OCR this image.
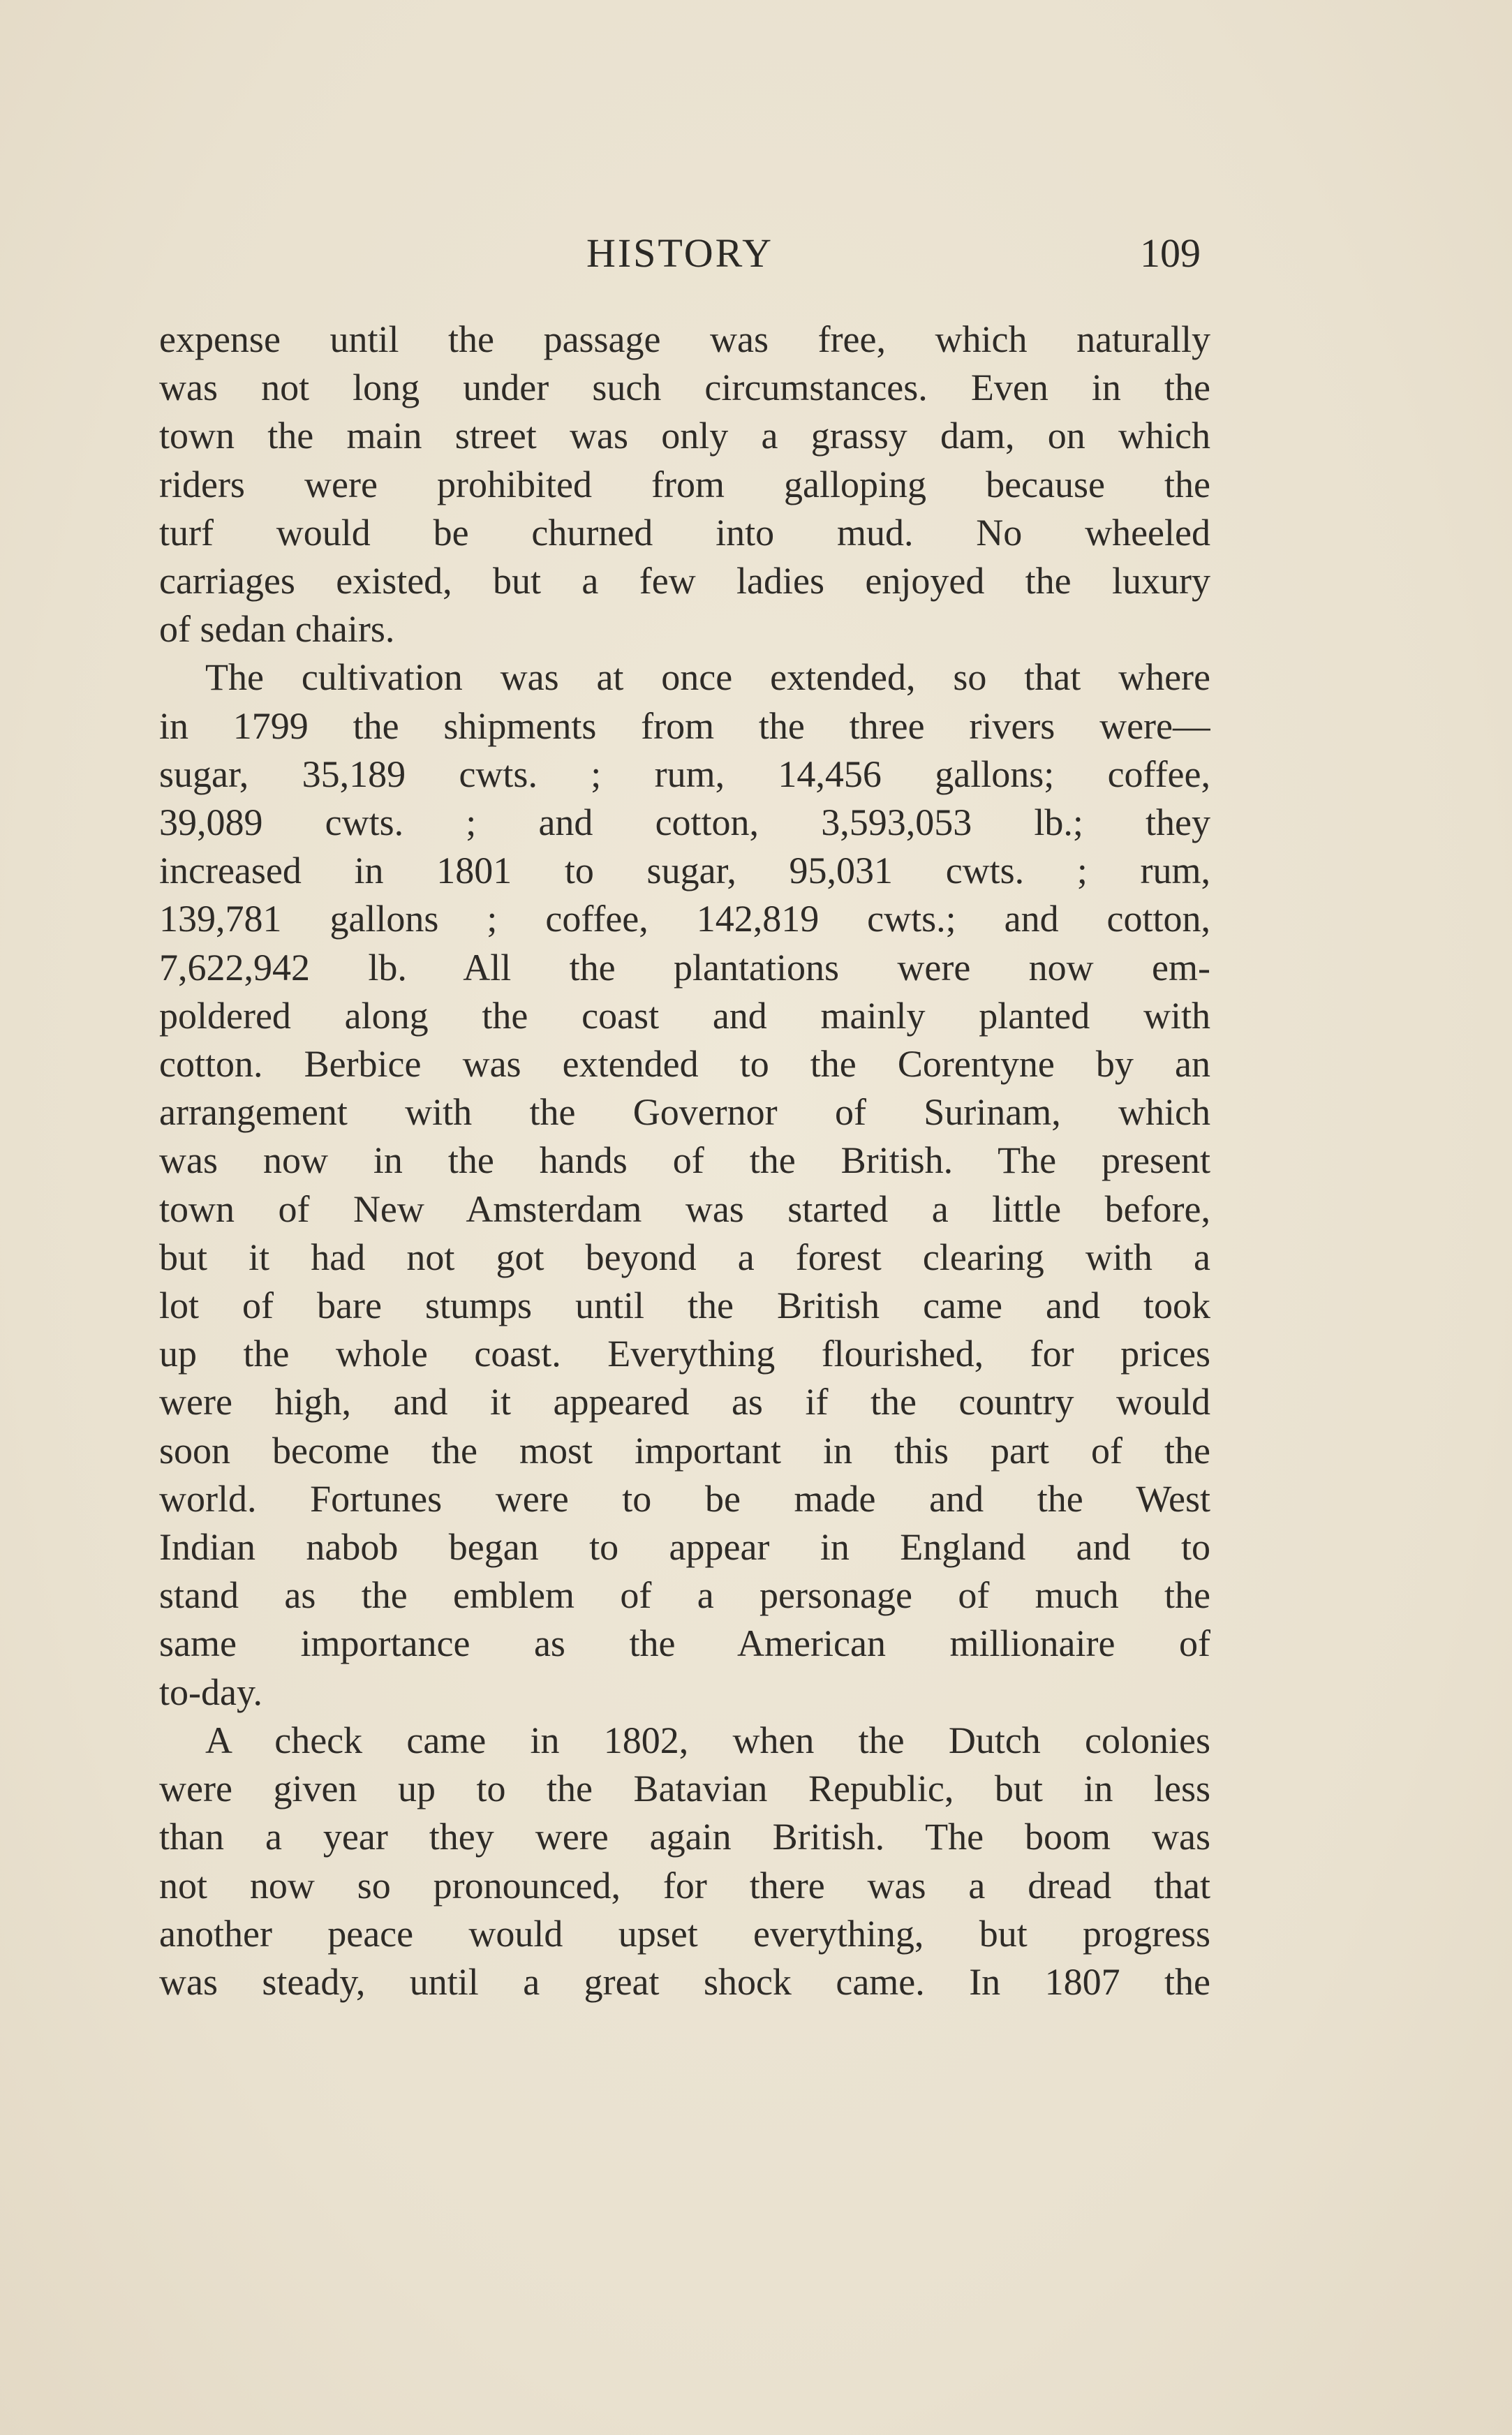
HISTORY	109

expense until the passage was free, which naturally
was not long under such circumstances. Even in the
town the main street was only a grassy dam, on which
riders were prohibited from galloping because the
turf would be churned into mud. No wheeled
carriages existed, but a few ladies enjoyed the luxury
of sedan chairs.

The cultivation was at once extended, so that where
in 1799 the shipments from the three rivers were—
sugar, 35,189 cwts. ; rum, 14,456 gallons; coffee,
39,089 cwts. ; and cotton, 3,593,053 lb.; they
increased in 1801 to sugar, 95,031 cwts. ; rum,
139,781 gallons ; coffee, 142,819 cwts.; and cotton,
7,622,942 lb. All the plantations were now em-
poldered along the coast and mainly planted with
cotton. Berbice was extended to the Corentyne by an
arrangement with the Governor of Surinam, which
was now in the hands of the British. The present
town of New Amsterdam was started a little before,
but it had not got beyond a forest clearing with a
lot of bare stumps until the British came and took
up the whole coast. Everything flourished, for prices
were high, and it appeared as if the country would
soon become the most important in this part of the
world. Fortunes were to be made and the West
Indian nabob began to appear in England and to
stand as the emblem of a personage of much the
same importance as the American millionaire of
to-day.

A check came in 1802, when the Dutch colonies
were given up to the Batavian Republic, but in less
than a year they were again British. The boom was
not now so pronounced, for there was a dread that
another peace would upset everything, but progress
was steady, until a great shock came. In 1807 the
